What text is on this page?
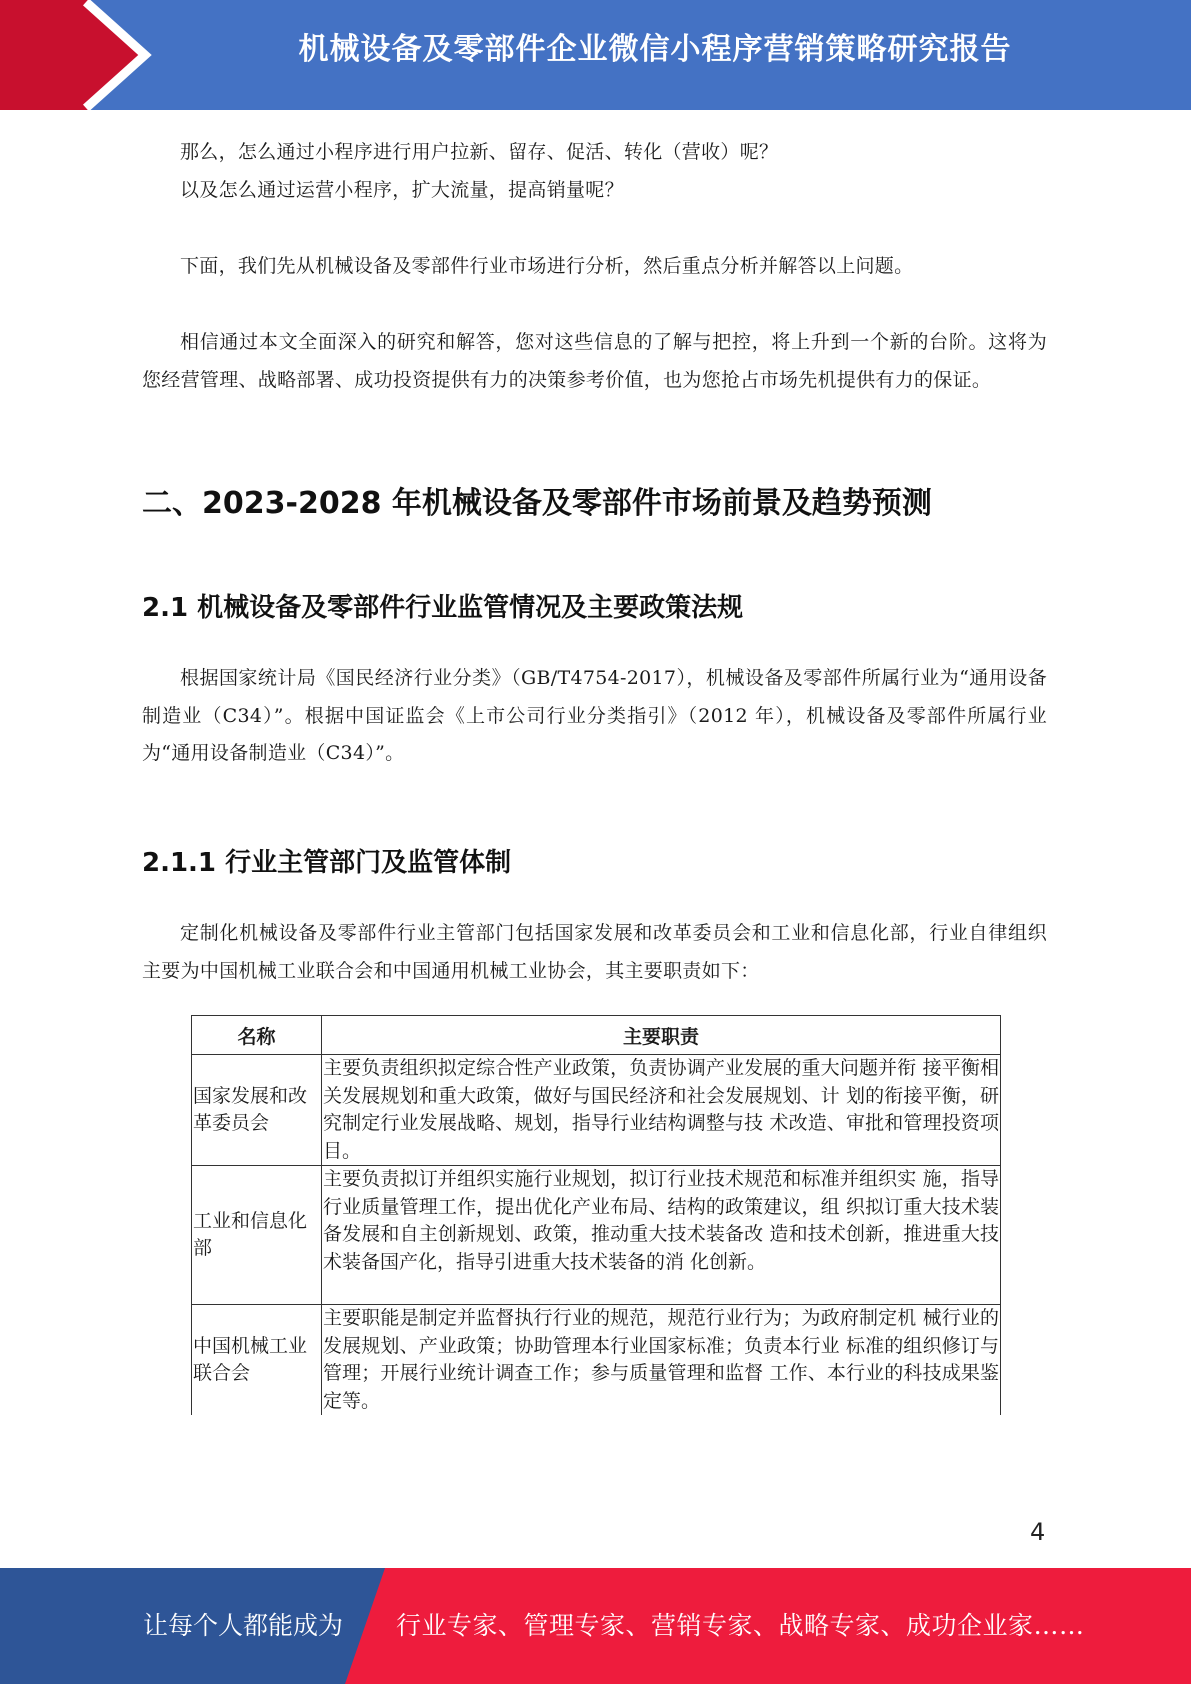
机械设备及零部件企业微信小程序营销策略研究报告

那么，怎么通过小程序进行用户拉新、留存、促活、转化（营收）呢？

以及怎么通过运营小程序，扩大流量，提高销量呢？

下面，我们先从机械设备及零部件行业市场进行分析，然后重点分析并解答以上问题。

相信通过本文全面深入的研究和解答，您对这些信息的了解与把控，将上升到一个新的台阶。这将为您经营管理、战略部署、成功投资提供有力的决策参考价值，也为您抢占市场先机提供有力的保证。

二、2023-2028 年机械设备及零部件市场前景及趋势预测
2.1 机械设备及零部件行业监管情况及主要政策法规

根据国家统计局《国民经济行业分类》（GB/T4754-2017），机械设备及零部件所属行业为“通用设备制造业（C34）”。根据中国证监会《上市公司行业分类指引》（2012 年），机械设备及零部件所属行业为“通用设备制造业（C34）”。

2.1.1 行业主管部门及监管体制

定制化机械设备及零部件行业主管部门包括国家发展和改革委员会和工业和信息化部，行业自律组织主要为中国机械工业联合会和中国通用机械工业协会，其主要职责如下：

名称	主要职责
国家发展和改革委员会	主要负责组织拟定综合性产业政策，负责协调产业发展的重大问题并衔 接平衡相关发展规划和重大政策，做好与国民经济和社会发展规划、计 划的衔接平衡，研究制定行业发展战略、规划，指导行业结构调整与技 术改造、审批和管理投资项目。
工业和信息化部	主要负责拟订并组织实施行业规划，拟订行业技术规范和标准并组织实 施，指导行业质量管理工作，提出优化产业布局、结构的政策建议，组 织拟订重大技术装备发展和自主创新规划、政策，推动重大技术装备改 造和技术创新，推进重大技术装备国产化，指导引进重大技术装备的消 化创新。
中国机械工业联合会	主要职能是制定并监督执行行业的规范，规范行业行为；为政府制定机 械行业的发展规划、产业政策；协助管理本行业国家标准；负责本行业 标准的组织修订与管理；开展行业统计调查工作；参与质量管理和监督 工作、本行业的科技成果鉴定等。
4
让每个人都能成为 行业专家、管理专家、营销专家、战略专家、成功企业家……
